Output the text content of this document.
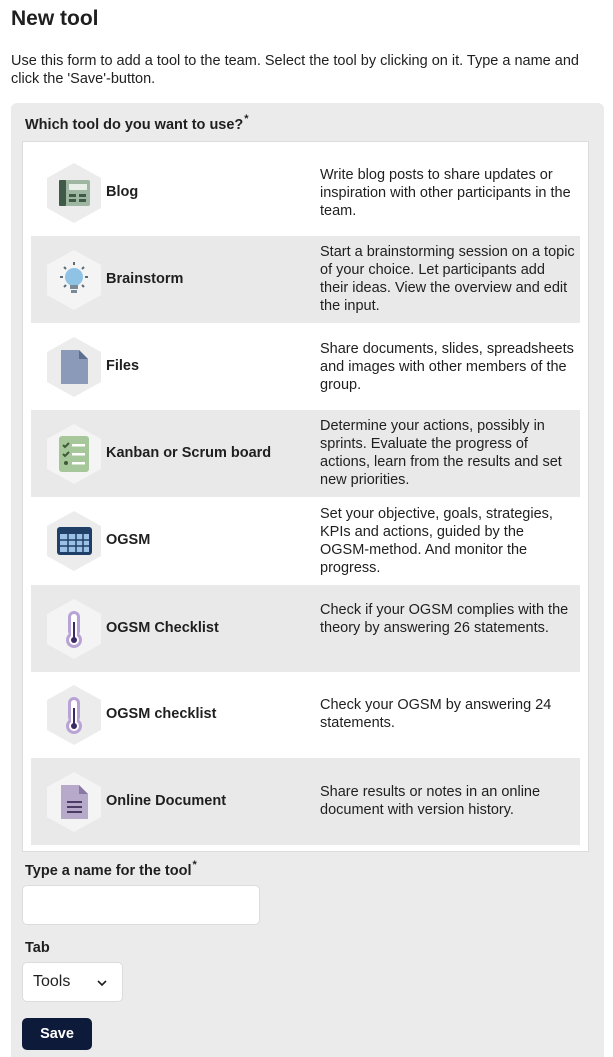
New tool
Use this form to add a tool to the team. Select the tool by clicking on it. Type a name and click the 'Save'-button.
Which tool do you want to use?*
Blog
Write blog posts to share updates or inspiration with other participants in the team.
Brainstorm
Start a brainstorming session on a topic of your choice. Let participants add their ideas. View the overview and edit the input.
Files
Share documents, slides, spreadsheets and images with other members of the group.
Kanban or Scrum board
Determine your actions, possibly in sprints. Evaluate the progress of actions, learn from the results and set new priorities.
OGSM
Set your objective, goals, strategies, KPIs and actions, guided by the OGSM-method. And monitor the progress.
OGSM Checklist
Check if your OGSM complies with the theory by answering 26 statements.
OGSM checklist
Check your OGSM by answering 24 statements.
Online Document
Share results or notes in an online document with version history.
Type a name for the tool*
Tab
Tools
Save
